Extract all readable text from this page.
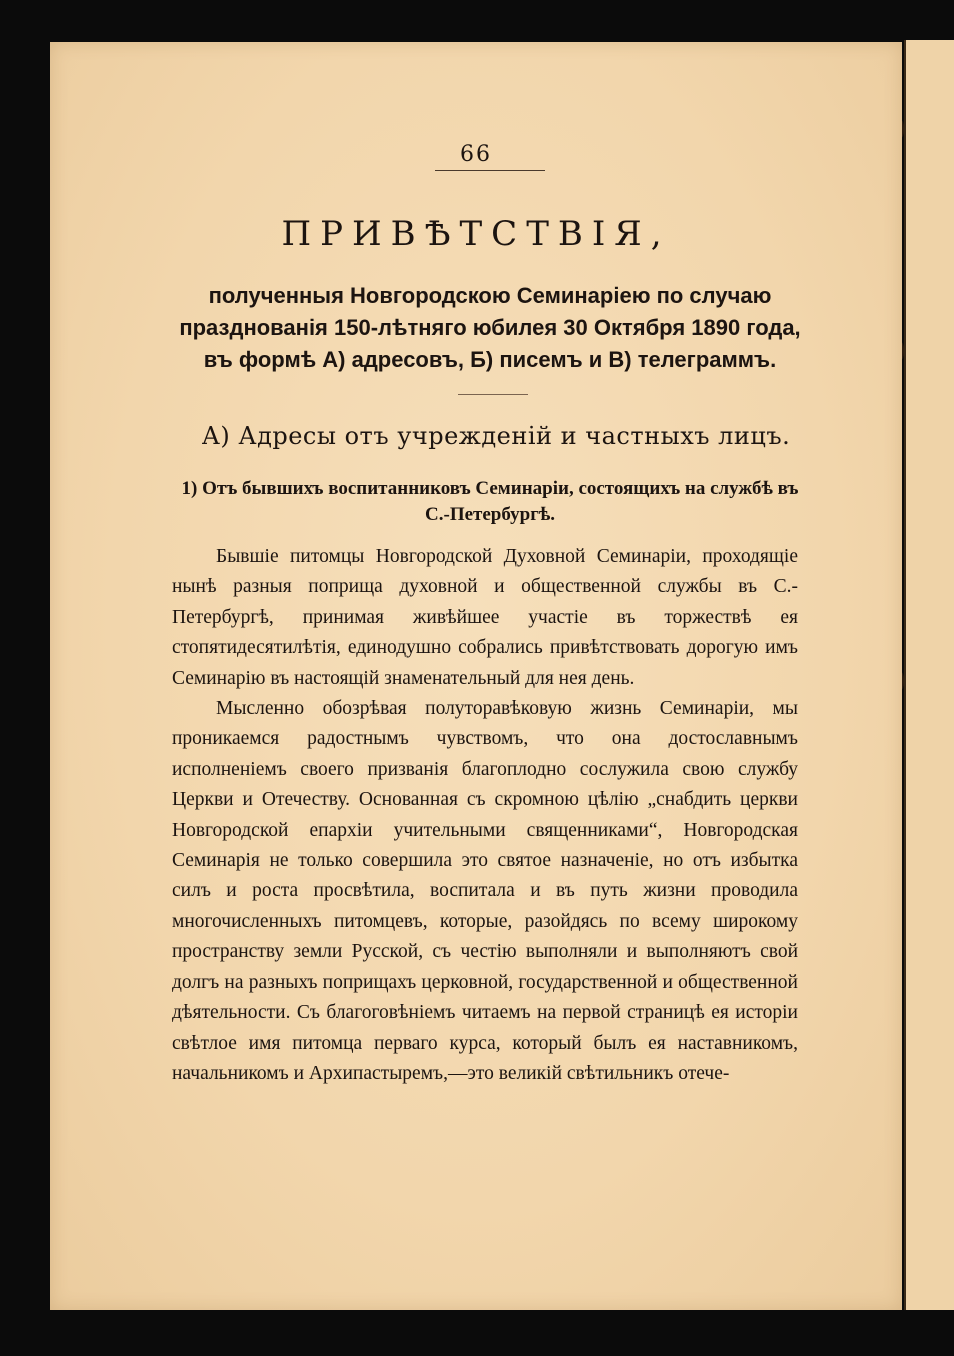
66
ПРИВѢТСТВІЯ,

полученныя Новгородскою Семинаріею по случаю празднованія 150-лѣтняго юбилея 30 Октября 1890 года, въ формѣ А) адресовъ, Б) писемъ и В) телеграммъ.

А) Адресы отъ учрежденій и частныхъ лицъ.

1) Отъ бывшихъ воспитанниковъ Семинаріи, состоящихъ на службѣ въ С.-Петербургѣ.

Бывшіе питомцы Новгородской Духовной Семинаріи, проходящіе нынѣ разныя поприща духовной и общественной службы въ С.-Петербургѣ, принимая живѣйшее участіе въ торжествѣ ея стопятидесятилѣтія, единодушно собрались привѣтствовать дорогую имъ Семинарію въ настоящій знаменательный для нея день.

Мысленно обозрѣвая полуторавѣковую жизнь Семинаріи, мы проникаемся радостнымъ чувствомъ, что она достославнымъ исполненіемъ своего призванія благоплодно сослужила свою службу Церкви и Отечеству. Основанная съ скромною цѣлію „снабдить церкви Новгородской епархіи учительными священниками“, Новгородская Семинарія не только совершила это святое назначеніе, но отъ избытка силъ и роста просвѣтила, воспитала и въ путь жизни проводила многочисленныхъ питомцевъ, которые, разойдясь по всему широкому пространству земли Русской, съ честію выполняли и выполняютъ свой долгъ на разныхъ поприщахъ церковной, государственной и общественной дѣятельности. Съ благоговѣніемъ читаемъ на первой страницѣ ея исторіи свѣтлое имя питомца перваго курса, который былъ ея наставникомъ, начальникомъ и Архипастыремъ,—это великій свѣтильникъ отече-
